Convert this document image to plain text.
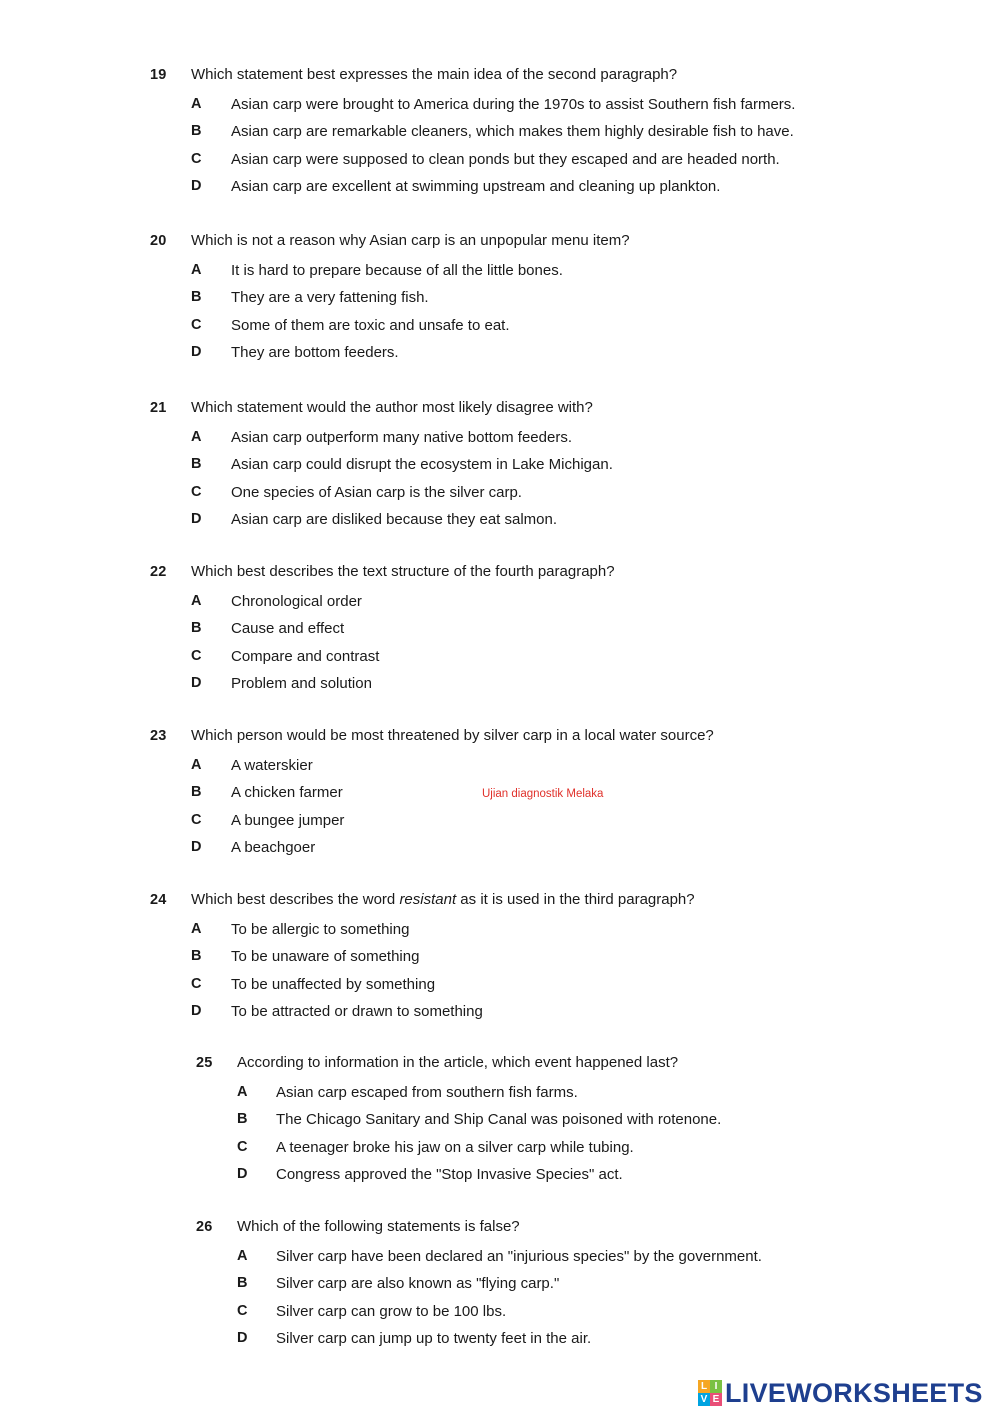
19 Which statement best expresses the main idea of the second paragraph?
A Asian carp were brought to America during the 1970s to assist Southern fish farmers.
B Asian carp are remarkable cleaners, which makes them highly desirable fish to have.
C Asian carp were supposed to clean ponds but they escaped and are headed north.
D Asian carp are excellent at swimming upstream and cleaning up plankton.
20 Which is not a reason why Asian carp is an unpopular menu item?
A It is hard to prepare because of all the little bones.
B They are a very fattening fish.
C Some of them are toxic and unsafe to eat.
D They are bottom feeders.
21 Which statement would the author most likely disagree with?
A Asian carp outperform many native bottom feeders.
B Asian carp could disrupt the ecosystem in Lake Michigan.
C One species of Asian carp is the silver carp.
D Asian carp are disliked because they eat salmon.
22 Which best describes the text structure of the fourth paragraph?
A Chronological order
B Cause and effect
C Compare and contrast
D Problem and solution
23 Which person would be most threatened by silver carp in a local water source?
A A waterskier
B A chicken farmer
C A bungee jumper
D A beachgoer
24 Which best describes the word resistant as it is used in the third paragraph?
A To be allergic to something
B To be unaware of something
C To be unaffected by something
D To be attracted or drawn to something
25 According to information in the article, which event happened last?
A Asian carp escaped from southern fish farms.
B The Chicago Sanitary and Ship Canal was poisoned with rotenone.
C A teenager broke his jaw on a silver carp while tubing.
D Congress approved the "Stop Invasive Species" act.
26 Which of the following statements is false?
A Silver carp have been declared an "injurious species" by the government.
B Silver carp are also known as "flying carp."
C Silver carp can grow to be 100 lbs.
D Silver carp can jump up to twenty feet in the air.
Ujian diagnostik Melaka
L I
V E LIVEWORKSHEETS
